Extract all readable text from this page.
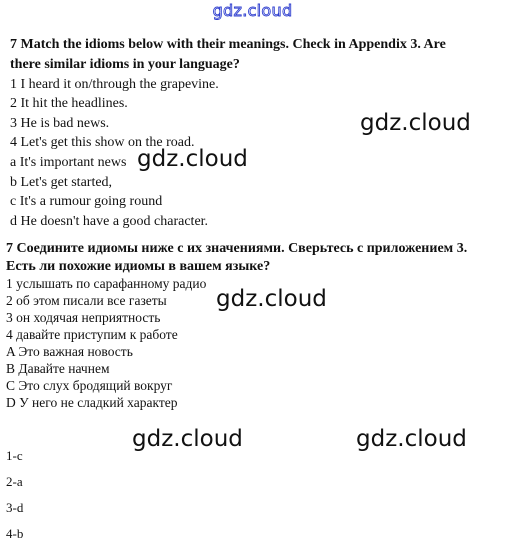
gdz.cloud
7 Match the idioms below with their meanings. Check in Appendix 3. Are
there similar idioms in your language?
1 I heard it on/through the grapevine.
2 It hit the headlines.
3 He is bad news.
4 Let's get this show on the road.
a It's important news
b Let's get started,
c It's a rumour going round
d He doesn't have a good character.
7 Соедините идиомы ниже с их значениями. Сверьтесь с приложением 3.
Есть ли похожие идиомы в вашем языке?
1 услышать по сарафанному радио
2 об этом писали все газеты
3 он ходячая неприятность
4 давайте приступим к работе
A Это важная новость
B Давайте начнем
C Это слух бродящий вокруг
D У него не сладкий характер
1-c
2-a
3-d
4-b
gdz.cloud
gdz.cloud
gdz.cloud
gdz.cloud	gdz.cloud
